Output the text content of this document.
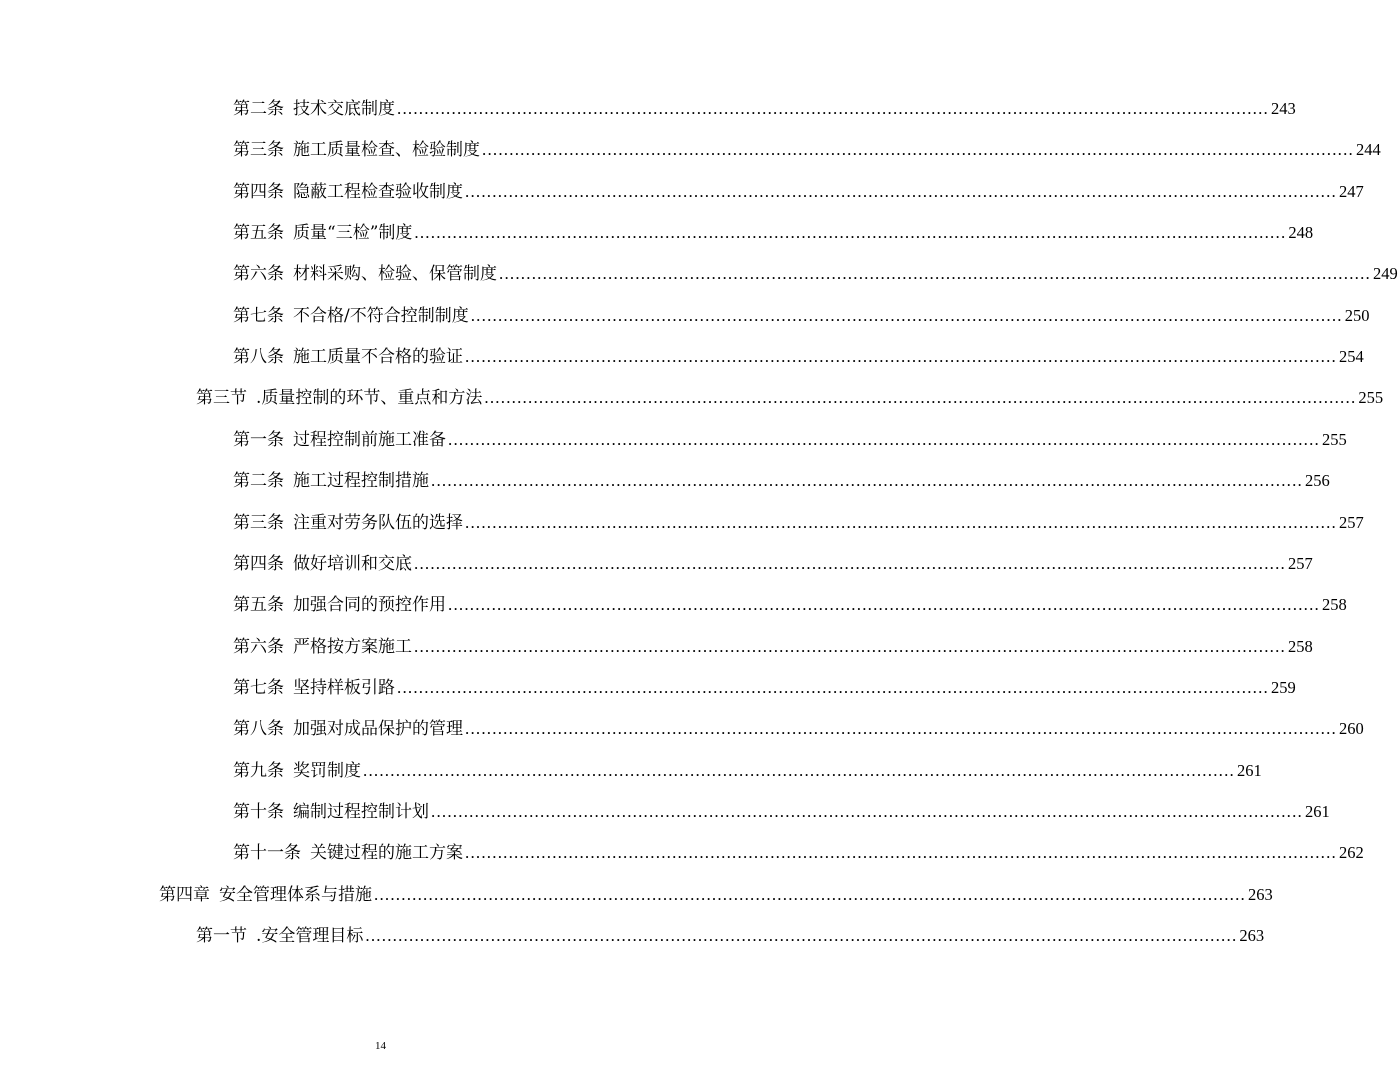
第二条 技术交底制度 ................................................................................................................................................................ 243
第三条 施工质量检查、检验制度 ................................................................................................................................................................ 244
第四条 隐蔽工程检查验收制度 ................................................................................................................................................................ 247
第五条 质量“三检”制度 ................................................................................................................................................................ 248
第六条 材料采购、检验、保管制度 ................................................................................................................................................................ 249
第七条 不合格/不符合控制制度 ................................................................................................................................................................ 250
第八条 施工质量不合格的验证 ................................................................................................................................................................ 254
第三节 .质量控制的环节、重点和方法 ................................................................................................................................................................ 255
第一条 过程控制前施工准备 ................................................................................................................................................................ 255
第二条 施工过程控制措施 ................................................................................................................................................................ 256
第三条 注重对劳务队伍的选择 ................................................................................................................................................................ 257
第四条 做好培训和交底 ................................................................................................................................................................ 257
第五条 加强合同的预控作用 ................................................................................................................................................................ 258
第六条 严格按方案施工 ................................................................................................................................................................ 258
第七条 坚持样板引路 ................................................................................................................................................................ 259
第八条 加强对成品保护的管理 ................................................................................................................................................................ 260
第九条 奖罚制度 ................................................................................................................................................................ 261
第十条 编制过程控制计划 ................................................................................................................................................................ 261
第十一条 关键过程的施工方案 ................................................................................................................................................................ 262
第四章 安全管理体系与措施 ................................................................................................................................................................ 263
第一节 .安全管理目标 ................................................................................................................................................................ 263
14
